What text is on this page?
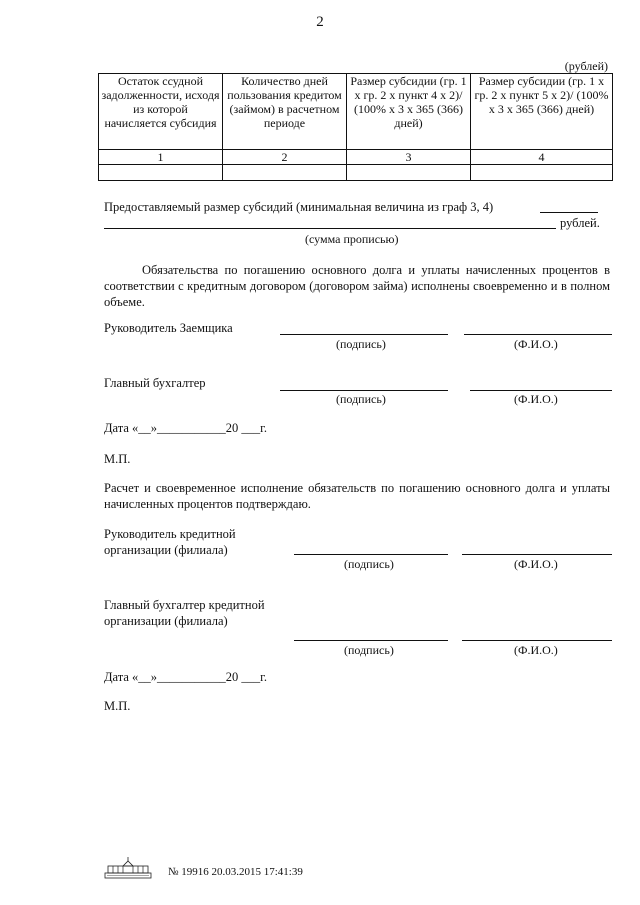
2
(рублей)
Остаток ссудной задолженности, исходя из которой начисляется субсидия	Количество дней пользования кредитом (займом) в расчетном периоде	Размер субсидии (гр. 1 х гр. 2 х пункт 4 х 2)/ (100% х 3 х 365 (366) дней)	Размер субсидии (гр. 1 х гр. 2 х пункт 5 х 2)/ (100% х 3 х 365 (366) дней)
1	2	3	4

Предоставляемый размер субсидий (минимальная величина из граф 3, 4)
рублей.
(сумма прописью)
Обязательства по погашению основного долга и уплаты начисленных процентов в соответствии с кредитным договором (договором займа) исполнены своевременно и в полном объеме.
Руководитель Заемщика
(подпись)	(Ф.И.О.)
Главный бухгалтер
(подпись)	(Ф.И.О.)
Дата «__»___________20 ___г.
М.П.
Расчет и своевременное исполнение обязательств по погашению основного долга и уплаты начисленных процентов подтверждаю.
Руководитель кредитной
организации (филиала)
(подпись)	(Ф.И.О.)
Главный бухгалтер кредитной
организации (филиала)
(подпись)	(Ф.И.О.)
Дата «__»___________20 ___г.
М.П.
№ 19916 20.03.2015 17:41:39
